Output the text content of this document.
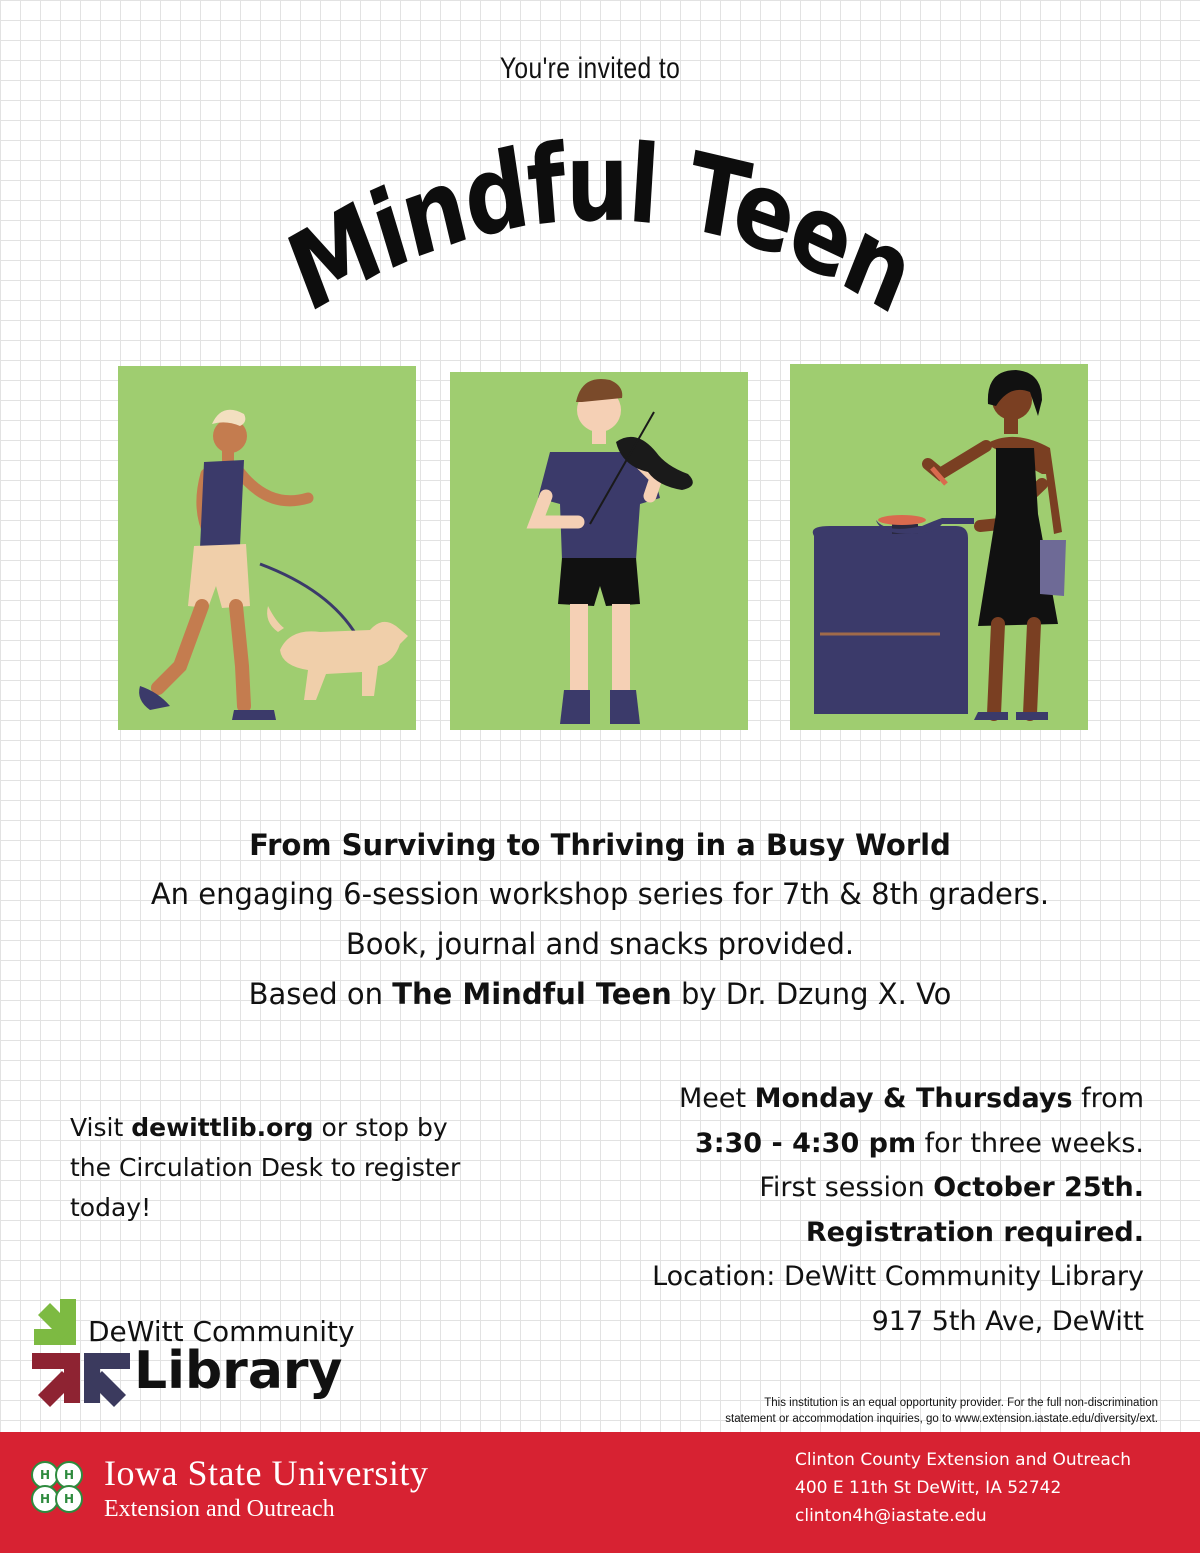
You're invited to
Mindful Teen
From Surviving to Thriving in a Busy World
An engaging 6-session workshop series for 7th & 8th graders.
Book, journal and snacks provided.
Based on The Mindful Teen by Dr. Dzung X. Vo
Visit dewittlib.org or stop by the Circulation Desk to register today!
Meet Monday & Thursdays from
3:30 - 4:30 pm for three weeks.
First session October 25th.
Registration required.
Location: DeWitt Community Library
917 5th Ave, DeWitt
DeWitt Community
Library
This institution is an equal opportunity provider. For the full non-discrimination
statement or accommodation inquiries, go to www.extension.iastate.edu/diversity/ext.
H H
H H
Iowa State University
Extension and Outreach
Clinton County Extension and Outreach
400 E 11th St DeWitt, IA 52742
clinton4h@iastate.edu
